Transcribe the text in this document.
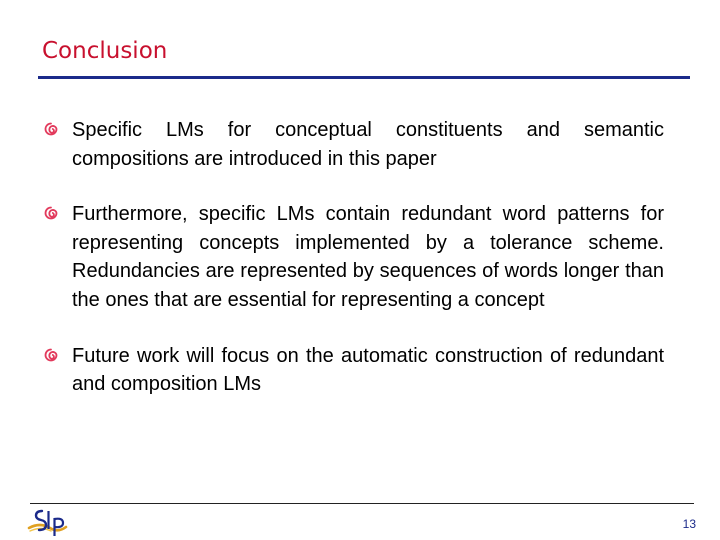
Conclusion
Specific LMs for conceptual constituents and semantic compositions are introduced in this paper
Furthermore, specific LMs contain redundant word patterns for representing concepts implemented by a tolerance scheme. Redundancies are represented by sequences of words longer than the ones that are essential for representing a concept
Future work will focus on the automatic construction of redundant and composition LMs
13
